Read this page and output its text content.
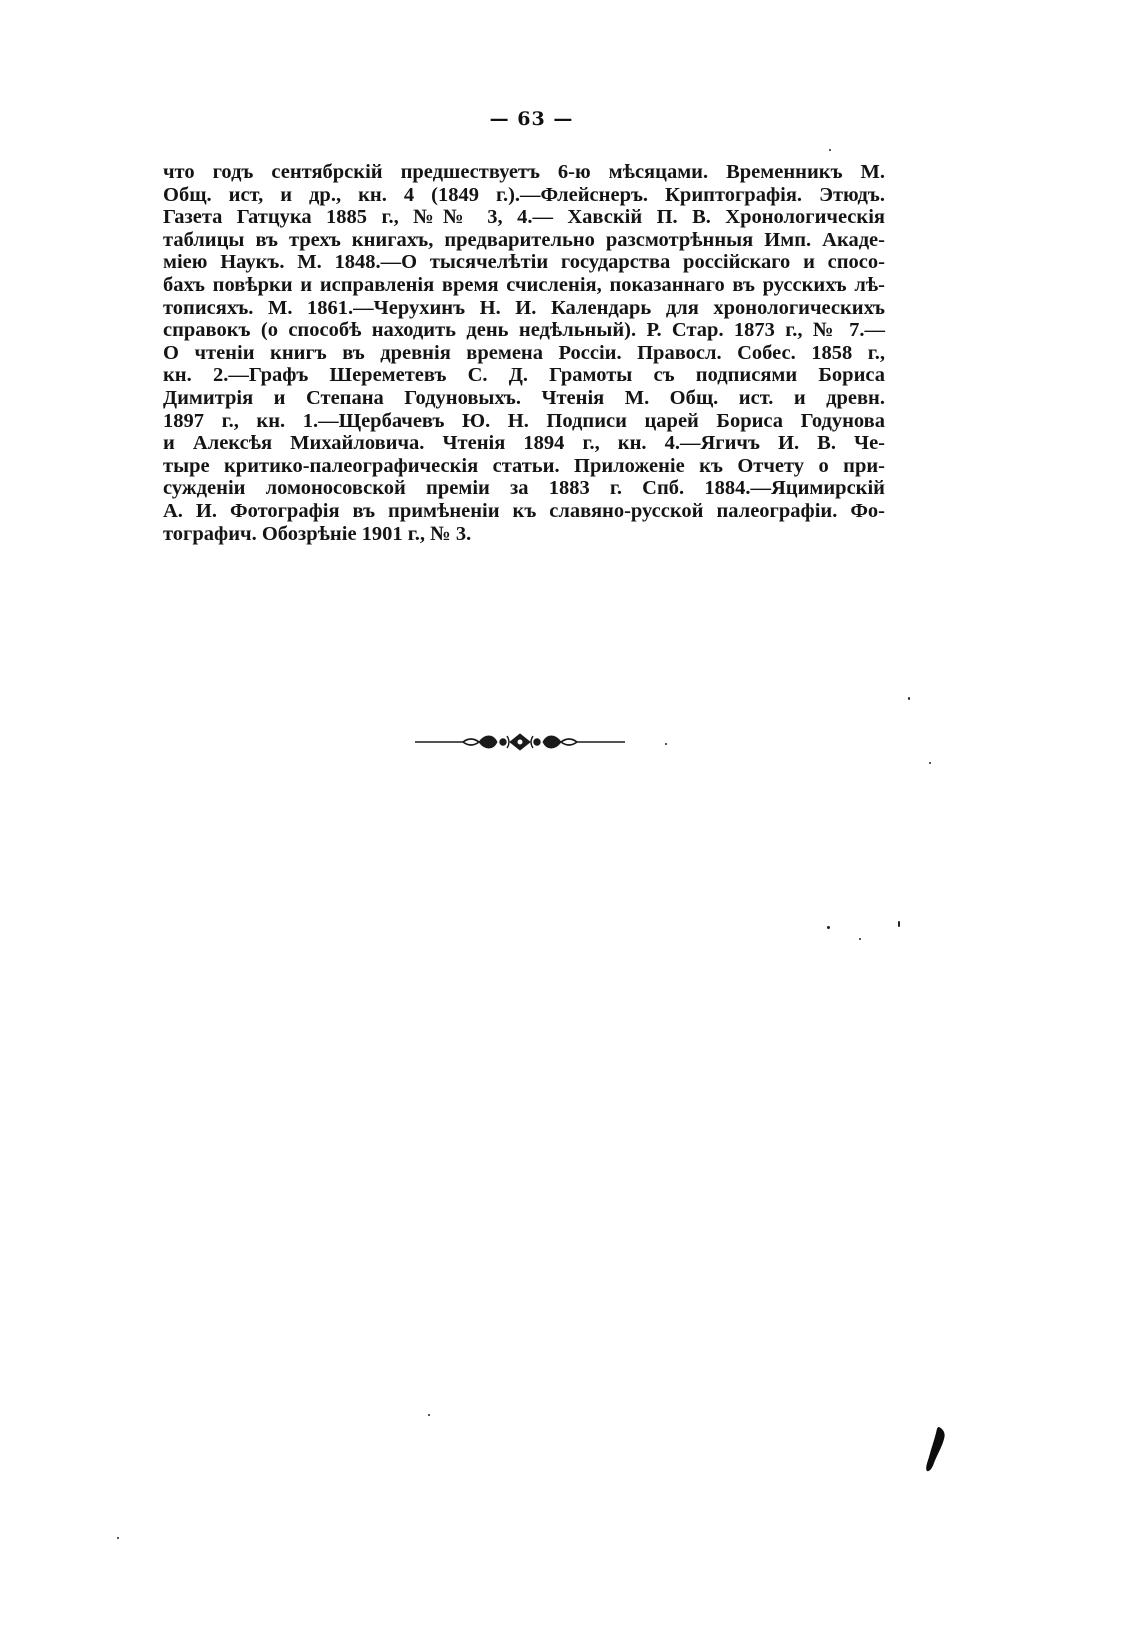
— 63 —
что годъ сентябрскій предшествуетъ 6-ю мѣсяцами. Временникъ М.
Общ. ист, и др., кн. 4 (1849 г.).—Флейснеръ. Криптографія. Этюдъ.
Газета Гатцука 1885 г., №№ 3, 4.— Хавскій П. В. Хронологическія
таблицы въ трехъ книгахъ, предварительно разсмотрѣнныя Имп. Акаде-
міею Наукъ. М. 1848.—О тысячелѣтіи государства россійскаго и спосо-
бахъ повѣрки и исправленія время счисленія, показаннаго въ русскихъ лѣ-
тописяхъ. М. 1861.—Черухинъ Н. И. Календарь для хронологическихъ
справокъ (о способѣ находить день недѣльный). Р. Стар. 1873 г., № 7.—
О чтеніи книгъ въ древнія времена Россіи. Правосл. Собес. 1858 г.,
кн. 2.—Графъ Шереметевъ С. Д. Грамоты съ подписями Бориса
Димитрія и Степана Годуновыхъ. Чтенія М. Общ. ист. и древн.
1897 г., кн. 1.—Щербачевъ Ю. Н. Подписи царей Бориса Годунова
и Алексѣя Михайловича. Чтенія 1894 г., кн. 4.—Ягичъ И. В. Че-
тыре критико-палеографическія статьи. Приложеніе къ Отчету о при-
сужденіи ломоносовской преміи за 1883 г. Спб. 1884.—Яцимирскій
А. И. Фотографія въ примѣненіи къ славяно-русской палеографіи. Фо-
тографич. Обозрѣніе 1901 г., № 3.
